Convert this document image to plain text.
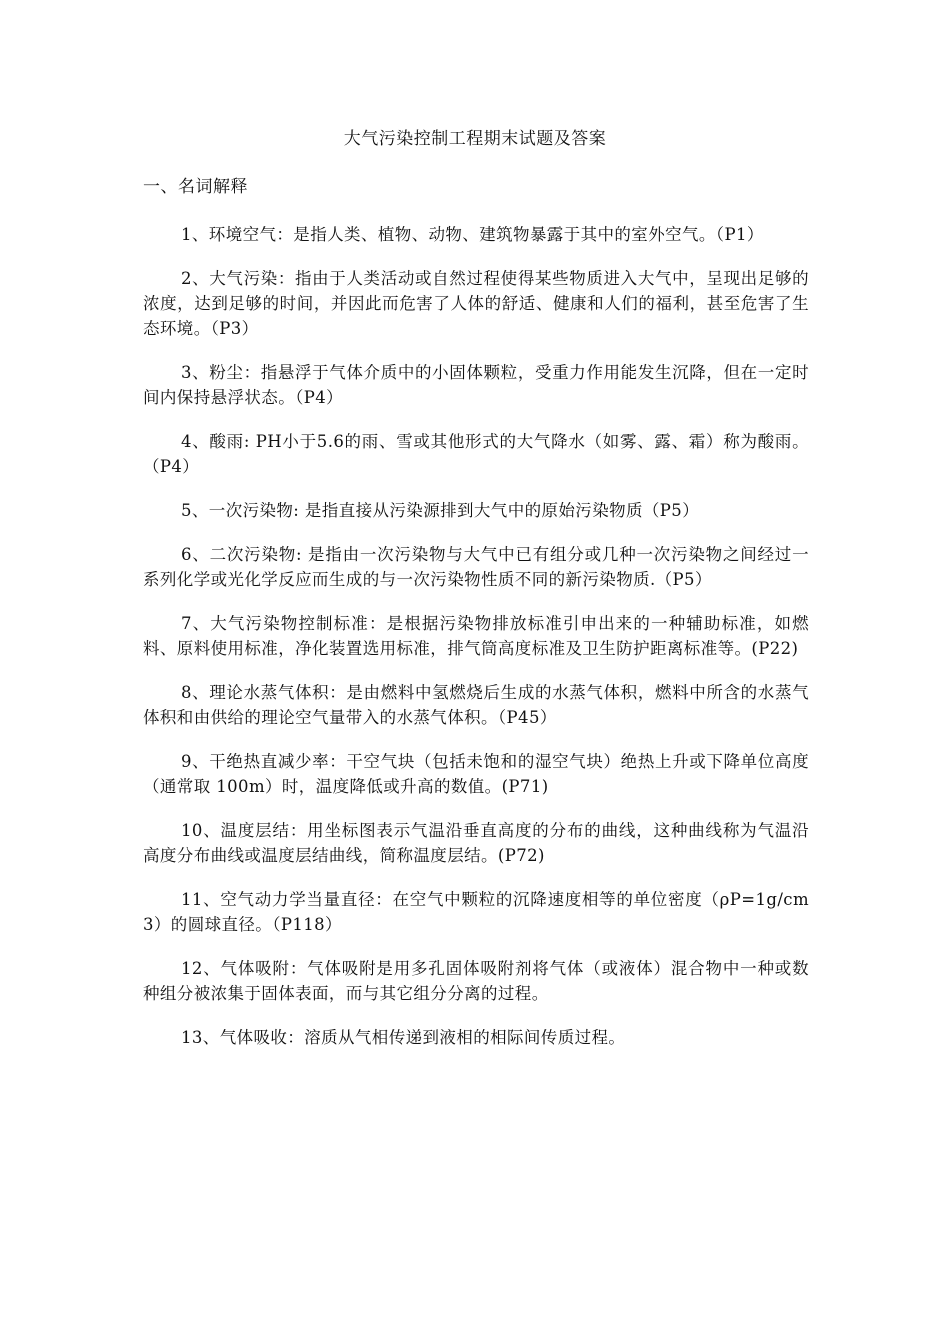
大气污染控制工程期末试题及答案
一、名词解释

1、环境空气：是指人类、植物、动物、建筑物暴露于其中的室外空气。（P1）

2、大气污染：指由于人类活动或自然过程使得某些物质进入大气中，呈现出足够的浓度，达到足够的时间，并因此而危害了人体的舒适、健康和人们的福利，甚至危害了生态环境。（P3）

3、粉尘：指悬浮于气体介质中的小固体颗粒，受重力作用能发生沉降，但在一定时间内保持悬浮状态。（P4）

4、酸雨: PH小于5.6的雨、雪或其他形式的大气降水（如雾、露、霜）称为酸雨。（P4）

5、一次污染物: 是指直接从污染源排到大气中的原始污染物质（P5）

6、二次污染物: 是指由一次污染物与大气中已有组分或几种一次污染物之间经过一系列化学或光化学反应而生成的与一次污染物性质不同的新污染物质.（P5）

7、大气污染物控制标准：是根据污染物排放标准引申出来的一种辅助标准，如燃料、原料使用标准，净化装置选用标准，排气筒高度标准及卫生防护距离标准等。(P22)

8、理论水蒸气体积：是由燃料中氢燃烧后生成的水蒸气体积，燃料中所含的水蒸气体积和由供给的理论空气量带入的水蒸气体积。（P45）

9、干绝热直减少率：干空气块（包括未饱和的湿空气块）绝热上升或下降单位高度（通常取 100m）时，温度降低或升高的数值。(P71)

10、温度层结：用坐标图表示气温沿垂直高度的分布的曲线，这种曲线称为气温沿高度分布曲线或温度层结曲线，简称温度层结。(P72)

11、空气动力学当量直径：在空气中颗粒的沉降速度相等的单位密度（ρP=1g/cm3）的圆球直径。（P118）

12、气体吸附：气体吸附是用多孔固体吸附剂将气体（或液体）混合物中一种或数种组分被浓集于固体表面，而与其它组分分离的过程。

13、气体吸收：溶质从气相传递到液相的相际间传质过程。
